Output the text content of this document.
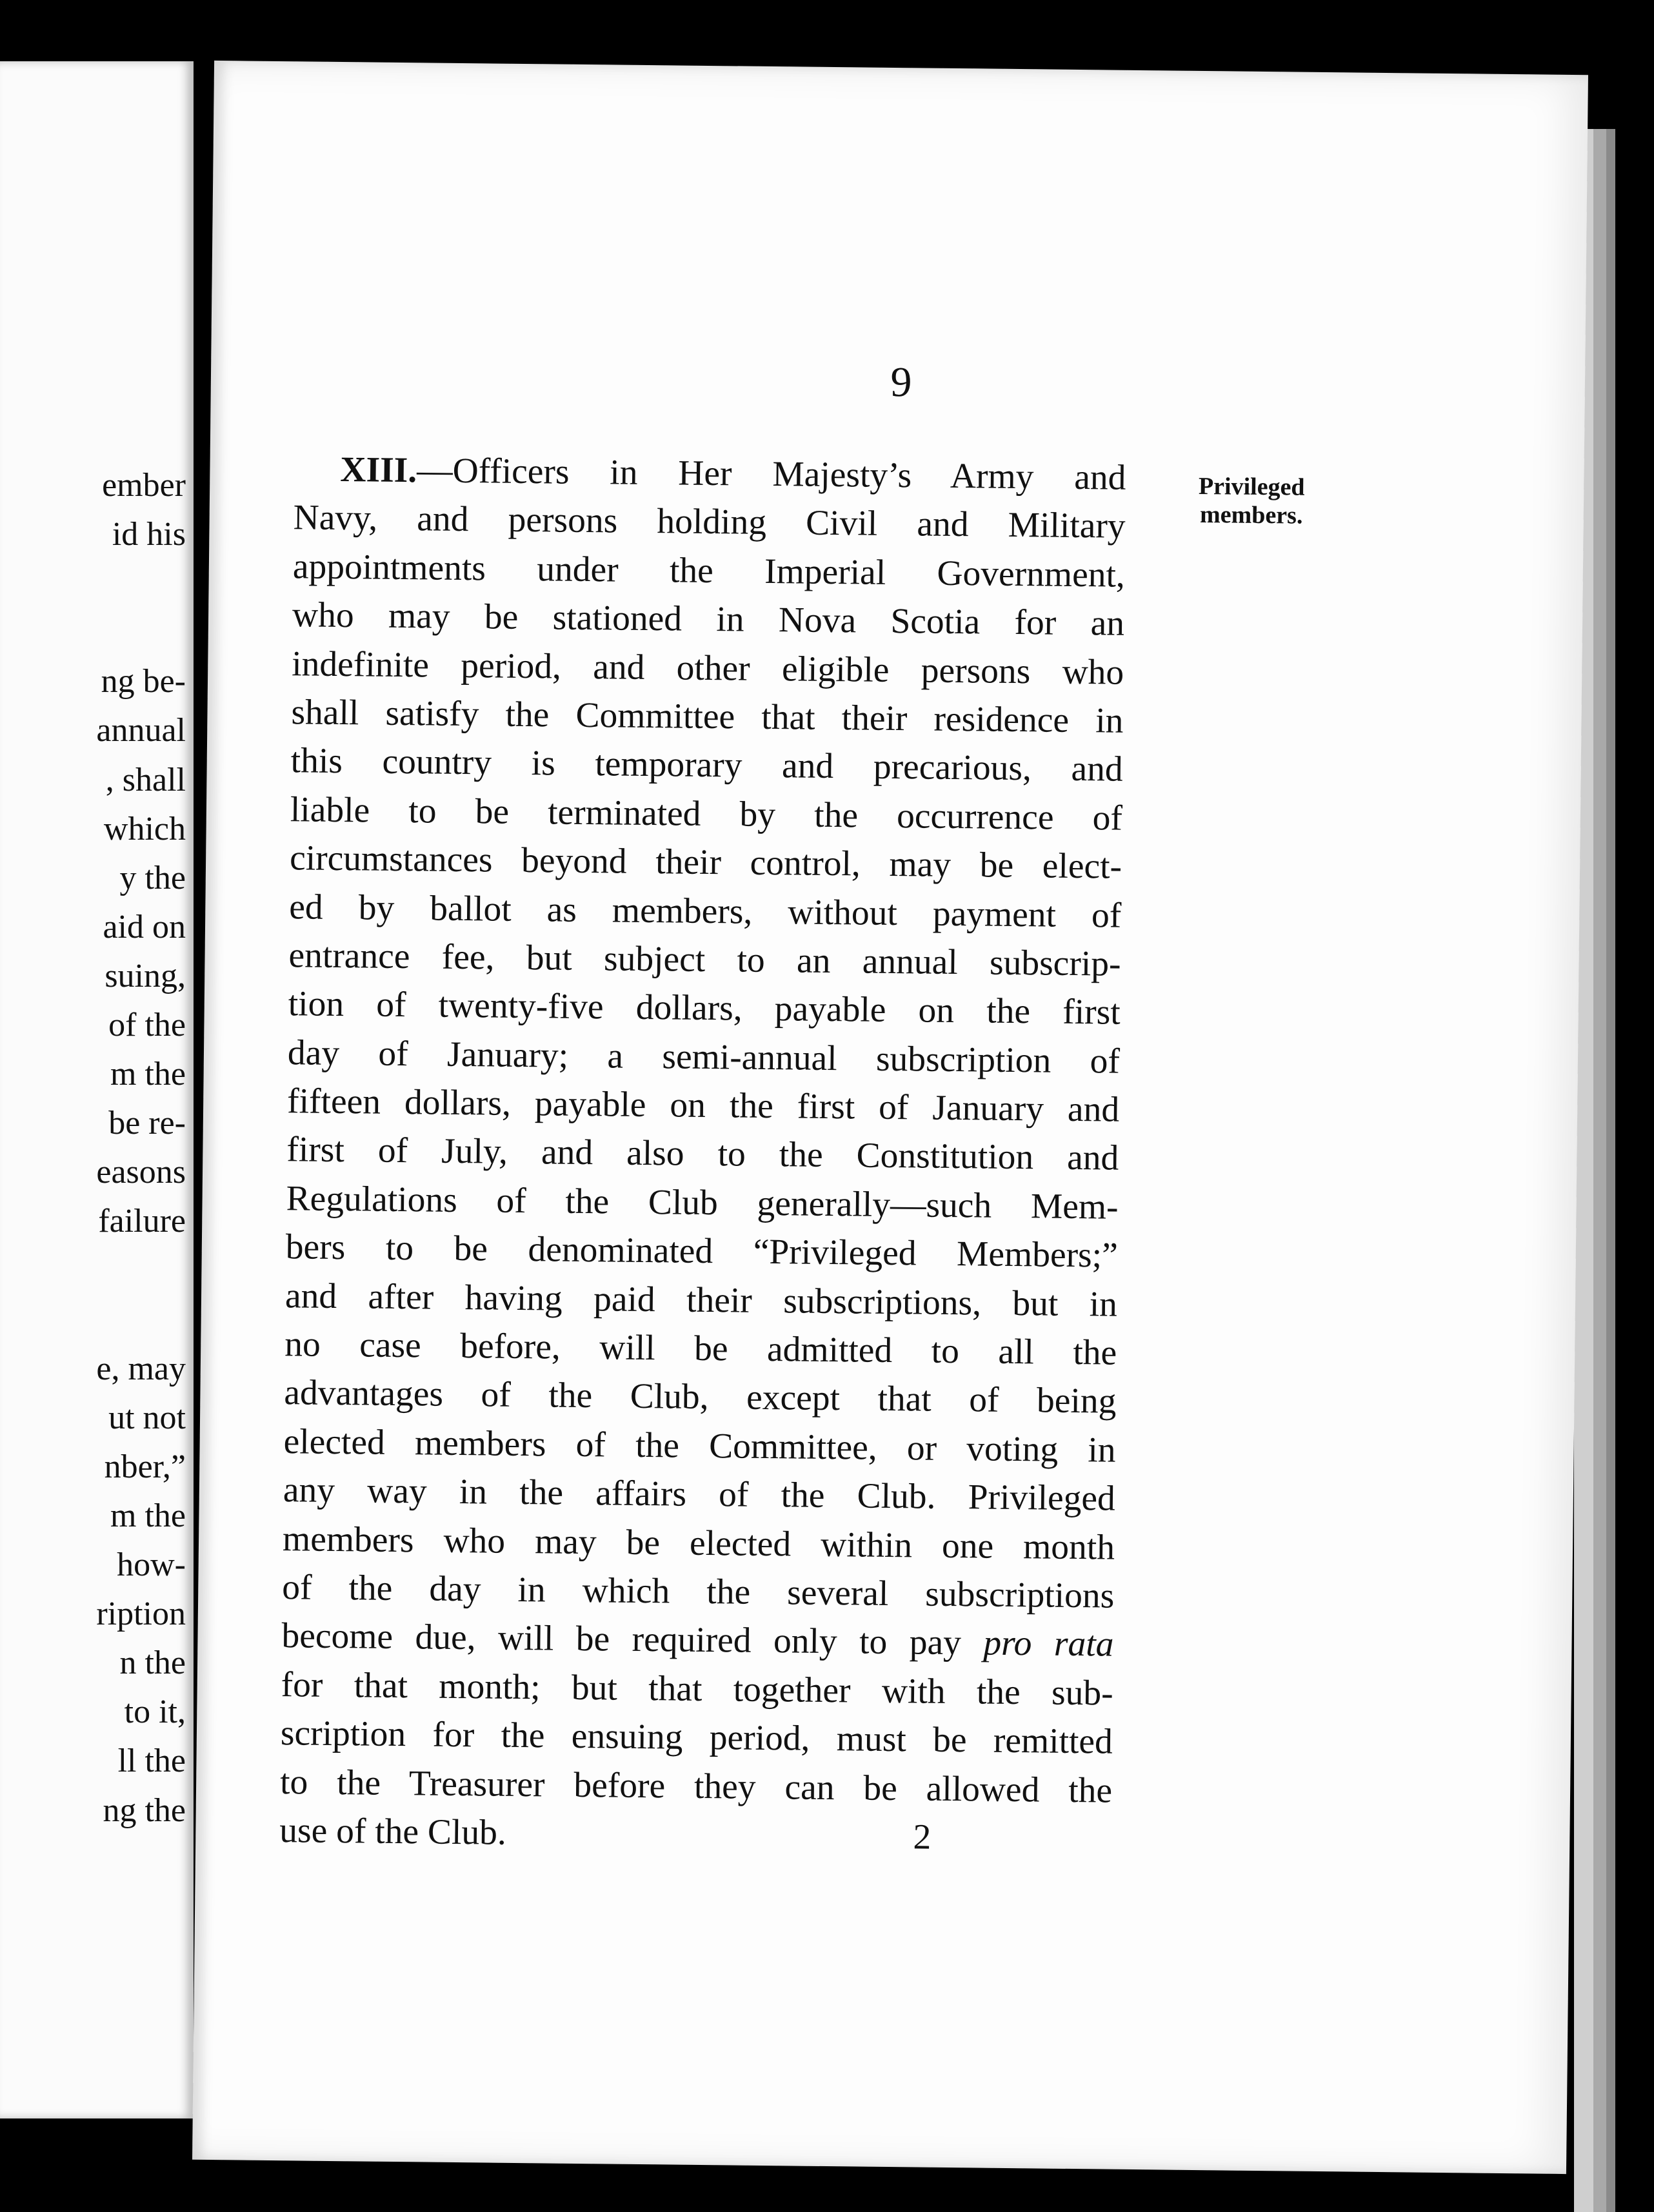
ember
id his
ng be-
annual
, shall
which
y the
aid on
suing,
of the
m the
be re-
easons
failure
e, may
ut not
nber,”
m the
how-
ription
n the
to it,
ll the
ng the
9
Privileged
members.
XIII.—Officers in Her Majesty’s Army and
Navy, and persons holding Civil and Military
appointments under the Imperial Government,
who may be stationed in Nova Scotia for an
indefinite period, and other eligible persons who
shall satisfy the Committee that their residence in
this country is temporary and precarious, and
liable to be terminated by the occurrence of
circumstances beyond their control, may be elect-
ed by ballot as members, without payment of
entrance fee, but subject to an annual subscrip-
tion of twenty-five dollars, payable on the first
day of January; a semi-annual subscription of
fifteen dollars, payable on the first of January and
first of July, and also to the Constitution and
Regulations of the Club generally—such Mem-
bers to be denominated “Privileged Members;”
and after having paid their subscriptions, but in
no case before, will be admitted to all the
advantages of the Club, except that of being
elected members of the Committee, or voting in
any way in the affairs of the Club. Privileged
members who may be elected within one month
of the day in which the several subscriptions
become due, will be required only to pay pro rata
for that month; but that together with the sub-
scription for the ensuing period, must be remitted
to the Treasurer before they can be allowed the
use of the Club.	2
